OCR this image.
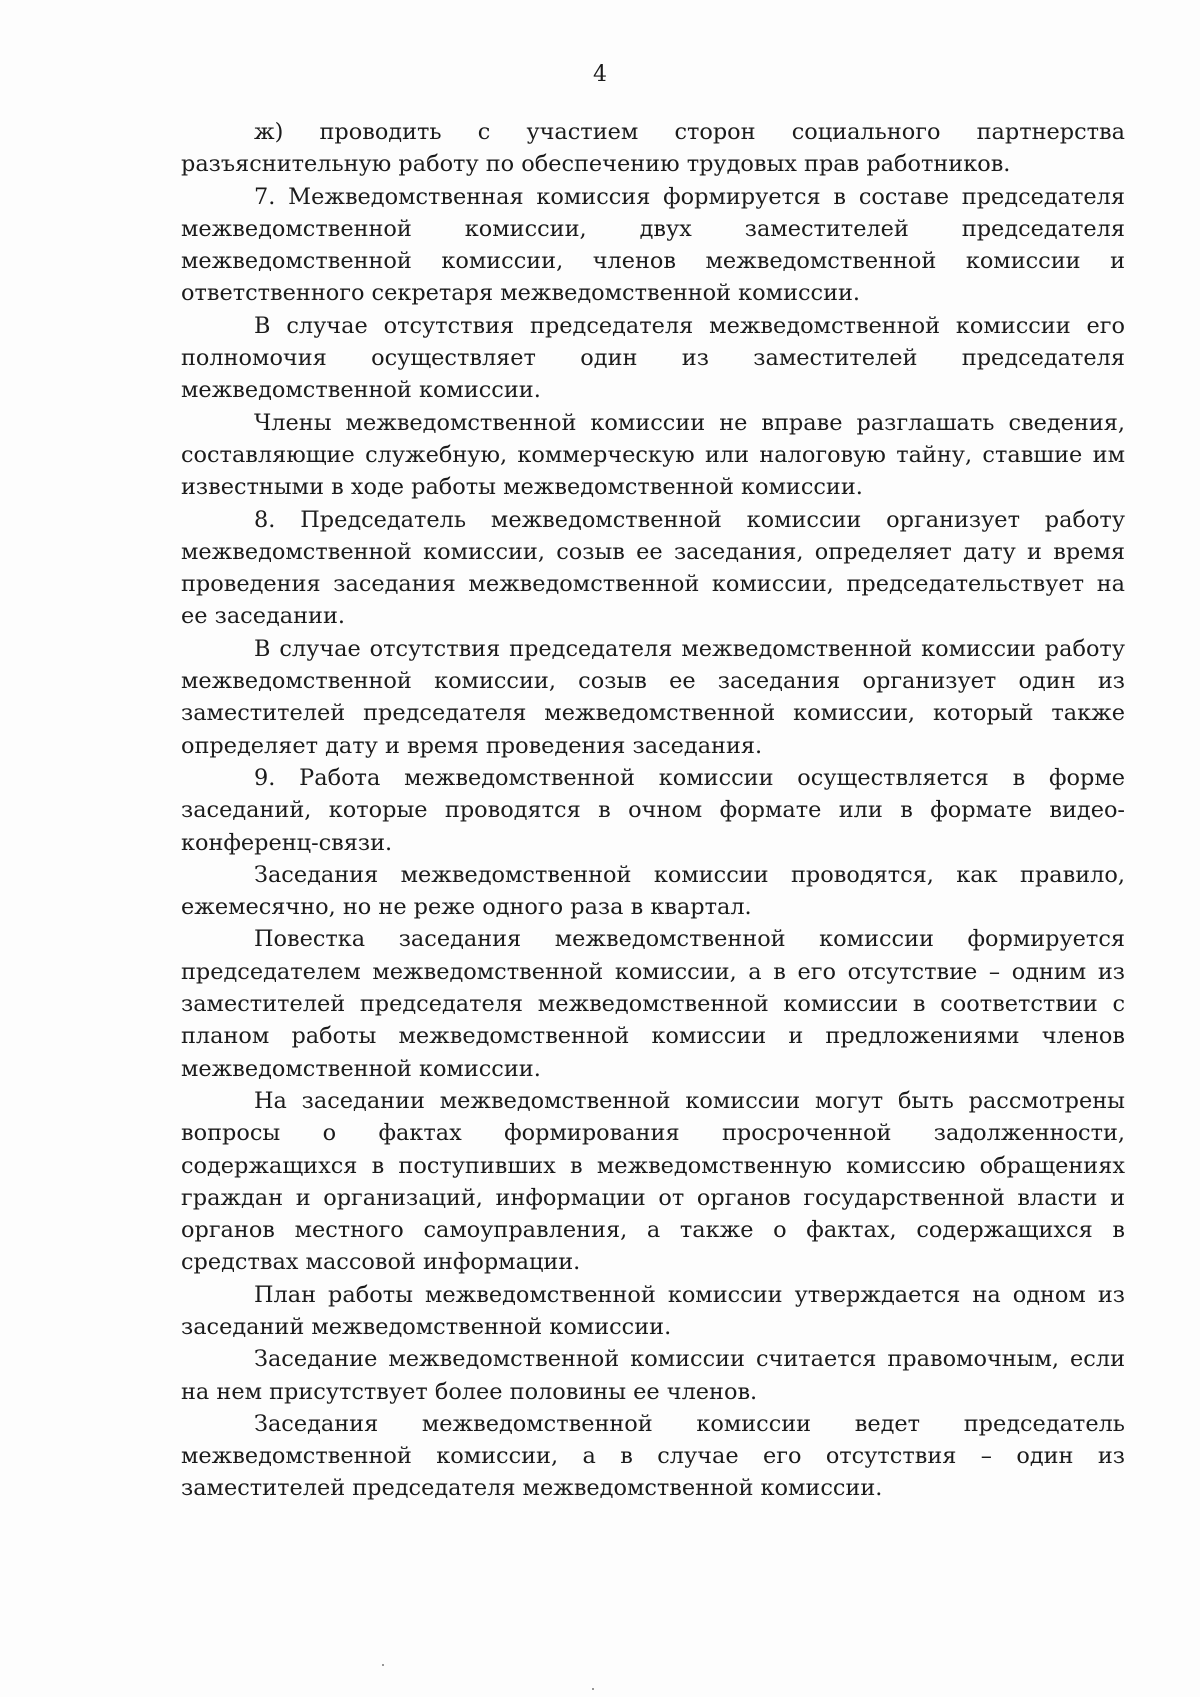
4

ж) проводить с участием сторон социального партнерства разъяснительную работу по обеспечению трудовых прав работников.

7. Межведомственная комиссия формируется в составе председателя межведомственной комиссии, двух заместителей председателя межведомственной комиссии, членов межведомственной комиссии и ответственного секретаря межведомственной комиссии.

В случае отсутствия председателя межведомственной комиссии его полномочия осуществляет один из заместителей председателя межведомственной комиссии.

Члены межведомственной комиссии не вправе разглашать сведения, составляющие служебную, коммерческую или налоговую тайну, ставшие им известными в ходе работы межведомственной комиссии.

8. Председатель межведомственной комиссии организует работу межведомственной комиссии, созыв ее заседания, определяет дату и время проведения заседания межведомственной комиссии, председательствует на ее заседании.

В случае отсутствия председателя межведомственной комиссии работу межведомственной комиссии, созыв ее заседания организует один из заместителей председателя межведомственной комиссии, который также определяет дату и время проведения заседания.

9. Работа межведомственной комиссии осуществляется в форме заседаний, которые проводятся в очном формате или в формате видео-конференц-связи.

Заседания межведомственной комиссии проводятся, как правило, ежемесячно, но не реже одного раза в квартал.

Повестка заседания межведомственной комиссии формируется председателем межведомственной комиссии, а в его отсутствие – одним из заместителей председателя межведомственной комиссии в соответствии с планом работы межведомственной комиссии и предложениями членов межведомственной комиссии.

На заседании межведомственной комиссии могут быть рассмотрены вопросы о фактах формирования просроченной задолженности, содержащихся в поступивших в межведомственную комиссию обращениях граждан и организаций, информации от органов государственной власти и органов местного самоуправления, а также о фактах, содержащихся в средствах массовой информации.

План работы межведомственной комиссии утверждается на одном из заседаний межведомственной комиссии.

Заседание межведомственной комиссии считается правомочным, если на нем присутствует более половины ее членов.

Заседания межведомственной комиссии ведет председатель межведомственной комиссии, а в случае его отсутствия – один из заместителей председателя межведомственной комиссии.
